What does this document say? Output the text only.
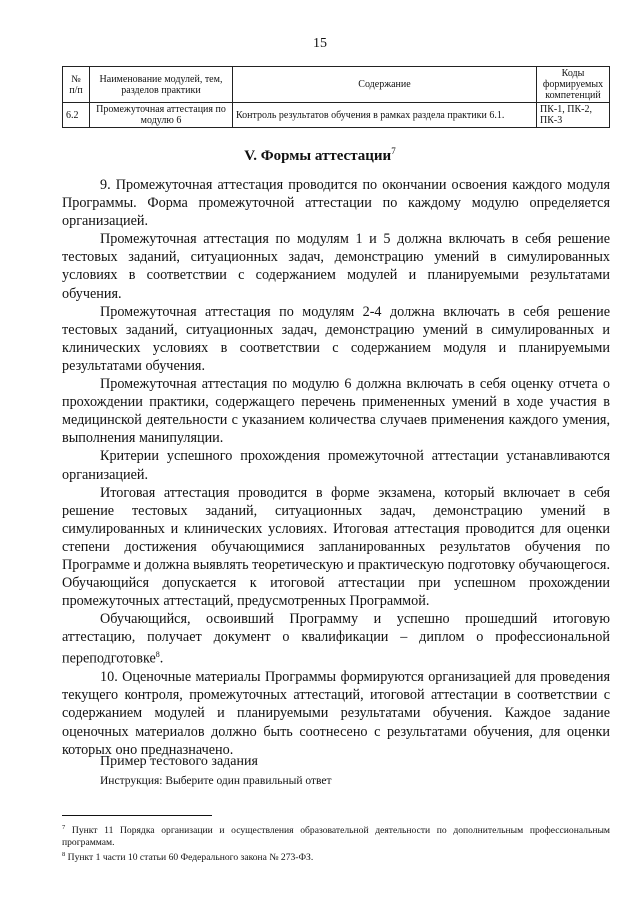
15
№ п/п	Наименование модулей, тем, разделов практики	Содержание	Коды формируемых компетенций
6.2	Промежуточная аттестация по модулю 6	Контроль результатов обучения в рамках раздела практики 6.1.	ПК-1, ПК-2, ПК-3
V. Формы аттестации$^7$

9. Промежуточная аттестация проводится по окончании освоения каждого модуля Программы. Форма промежуточной аттестации по каждому модулю определяется организацией.

Промежуточная аттестация по модулям 1 и 5 должна включать в себя решение тестовых заданий, ситуационных задач, демонстрацию умений в симулированных условиях в соответствии с содержанием модулей и планируемыми результатами обучения.

Промежуточная аттестация по модулям 2-4 должна включать в себя решение тестовых заданий, ситуационных задач, демонстрацию умений в симулированных и клинических условиях в соответствии с содержанием модуля и планируемыми результатами обучения.

Промежуточная аттестация по модулю 6 должна включать в себя оценку отчета о прохождении практики, содержащего перечень примененных умений в ходе участия в медицинской деятельности с указанием количества случаев применения каждого умения, выполнения манипуляции.

Критерии успешного прохождения промежуточной аттестации устанавливаются организацией.

Итоговая аттестация проводится в форме экзамена, который включает в себя решение тестовых заданий, ситуационных задач, демонстрацию умений в симулированных и клинических условиях. Итоговая аттестация проводится для оценки степени достижения обучающимися запланированных результатов обучения по Программе и должна выявлять теоретическую и практическую подготовку обучающегося. Обучающийся допускается к итоговой аттестации при успешном прохождении промежуточных аттестаций, предусмотренных Программой.

Обучающийся, освоивший Программу и успешно прошедший итоговую аттестацию, получает документ о квалификации – диплом о профессиональной переподготовке$^8$.

10. Оценочные материалы Программы формируются организацией для проведения текущего контроля, промежуточных аттестаций, итоговой аттестации в соответствии с содержанием модулей и планируемыми результатами обучения. Каждое задание оценочных материалов должно быть соотнесено с результатами обучения, для оценки которых оно предназначено.

Пример тестового задания
Инструкция: Выберите один правильный ответ

$^7$ Пункт 11 Порядка организации и осуществления образовательной деятельности по дополнительным профессиональным программам.

$^8$ Пункт 1 части 10 статьи 60 Федерального закона № 273-ФЗ.
